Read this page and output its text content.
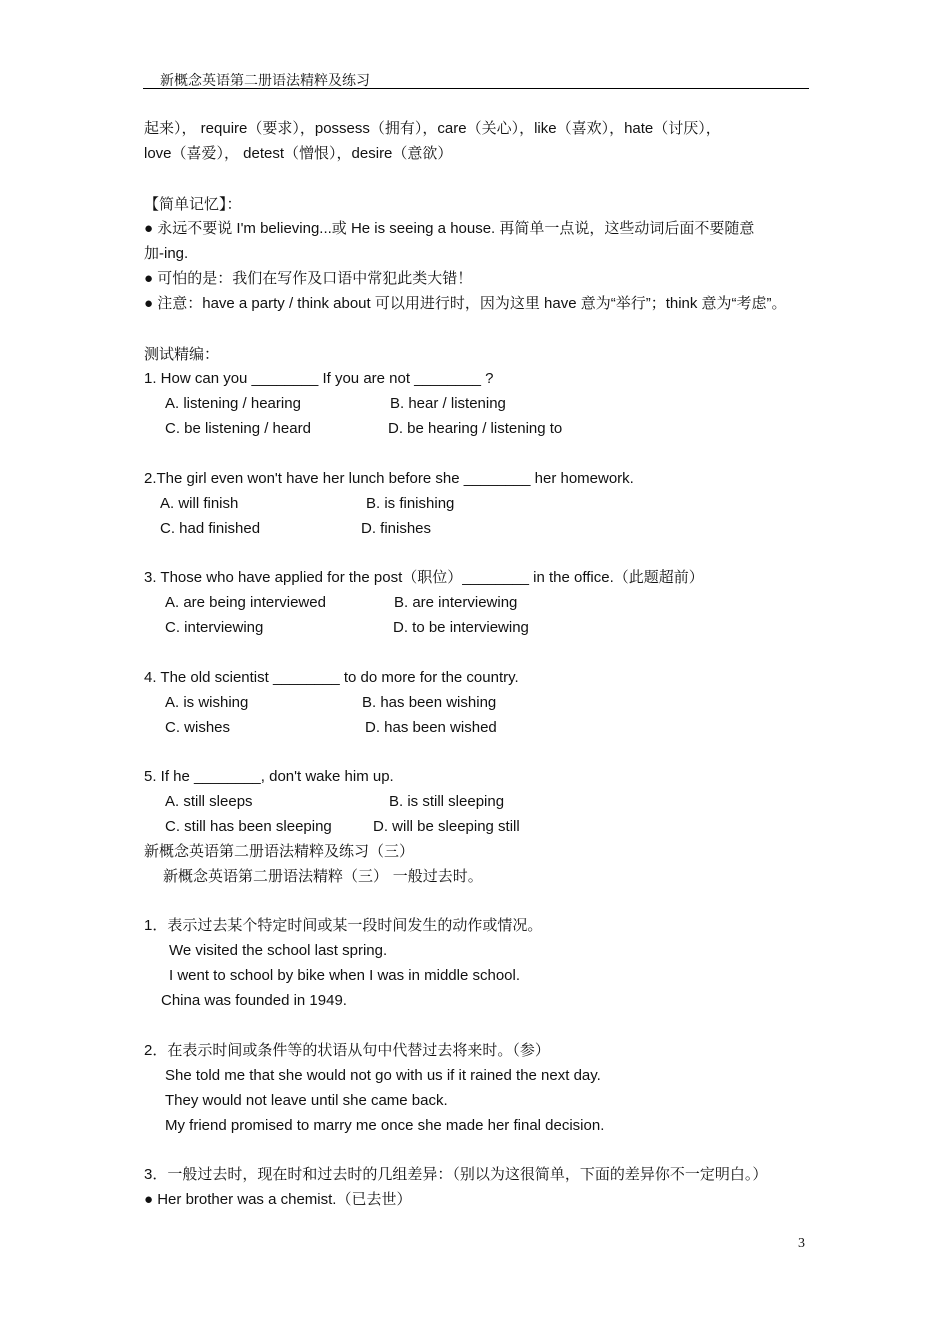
新概念英语第二册语法精粹及练习
起来）， require（要求），possess（拥有），care（关心），like（喜欢），hate（讨厌），
love（喜爱）， detest（憎恨），desire（意欲）
【简单记忆】：
● 永远不要说 I'm believing...或 He is seeing a house. 再简单一点说，这些动词后面不要随意
加-ing.
● 可怕的是：我们在写作及口语中常犯此类大错！
● 注意：have a party / think about 可以用进行时，因为这里 have 意为“举行”；think 意为“考虑”。
测试精编：
1. How can you ________ If you are not ________ ?
A. listening / hearing	B. hear / listening
C. be listening / heard	D. be hearing / listening to
2.The girl even won't have her lunch before she ________ her homework.
A. will finish	B. is finishing
C. had finished	D. finishes
3. Those who have applied for the post（职位）________ in the office.（此题超前）
A. are being interviewed	B. are interviewing
C. interviewing	D. to be interviewing
4. The old scientist ________ to do more for the country.
A. is wishing	B. has been wishing
C. wishes	D. has been wished
5. If he ________, don't wake him up.
A. still sleeps	B. is still sleeping
C. still has been sleeping	D. will be sleeping still
新概念英语第二册语法精粹及练习（三）
新概念英语第二册语法精粹（三） 一般过去时。
1．表示过去某个特定时间或某一段时间发生的动作或情况。
We visited the school last spring.
I went to school by bike when I was in middle school.
China was founded in 1949.
2．在表示时间或条件等的状语从句中代替过去将来时。（参）
She told me that she would not go with us if it rained the next day.
They would not leave until she came back.
My friend promised to marry me once she made her final decision.
3．一般过去时，现在时和过去时的几组差异：（别以为这很简单，下面的差异你不一定明白。）
● Her brother was a chemist.（已去世）
3
